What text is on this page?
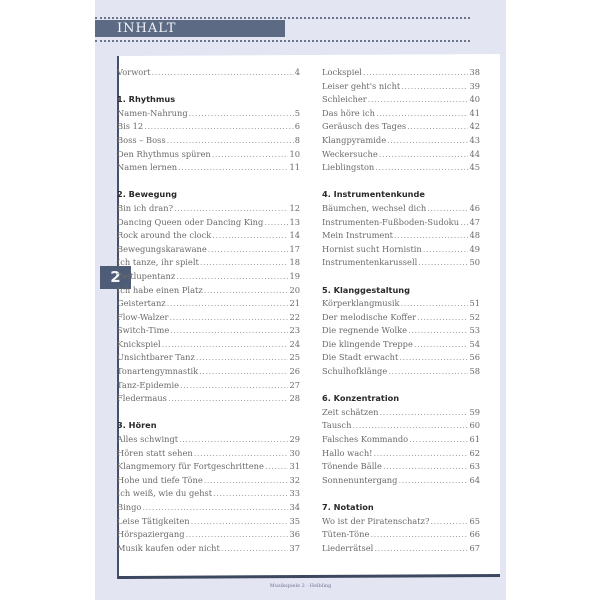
INHALT
2
Musikspiele 2 · Helbling
Vorwort .....	4
1. Rhythmus
Namen-Nahrung .....	5
Bis 12 .....	6
Boss – Boss .....	8
Den Rhythmus spüren .....	10
Namen lernen .....	11
2. Bewegung
Bin ich dran? .....	12
Dancing Queen oder Dancing King .....	13
Rock around the clock .....	14
Bewegungskarawane .....	17
Ich tanze, ihr spielt .....	18
Zeitlupentanz .....	19
Ich habe einen Platz .....	20
Geistertanz .....	21
Flow-Walzer .....	22
Switch-Time .....	23
Knickspiel .....	24
Unsichtbarer Tanz .....	25
Tonartengymnastik .....	26
Tanz-Epidemie .....	27
Fledermaus .....	28
3. Hören
Alles schwingt .....	29
Hören statt sehen .....	30
Klangmemory für Fortgeschrittene .....	31
Hohe und tiefe Töne .....	32
Ich weiß, wie du gehst .....	33
Bingo .....	34
Leise Tätigkeiten .....	35
Hörspaziergang .....	36
Musik kaufen oder nicht .....	37
Lockspiel .....	38
Leiser geht's nicht .....	39
Schleicher .....	40
Das höre ich .....	41
Geräusch des Tages .....	42
Klangpyramide .....	43
Weckersuche .....	44
Lieblingston .....	45
4. Instrumentenkunde
Bäumchen, wechsel dich .....	46
Instrumenten-Fußboden-Sudoku ..... 47
Mein Instrument .....	48
Hornist sucht Hornistin .....	49
Instrumentenkarussell .....	50
5. Klanggestaltung
Körperklangmusik .....	51
Der melodische Koffer .....	52
Die regnende Wolke .....	53
Die klingende Treppe .....	54
Die Stadt erwacht .....	56
Schulhofklänge .....	58
6. Konzentration
Zeit schätzen .....	59
Tausch .....	60
Falsches Kommando .....	61
Hallo wach! .....	62
Tönende Bälle .....	63
Sonnenuntergang .....	64
7. Notation
Wo ist der Piratenschatz? .....	65
Tüten-Töne .....	66
Liederrätsel .....	67
